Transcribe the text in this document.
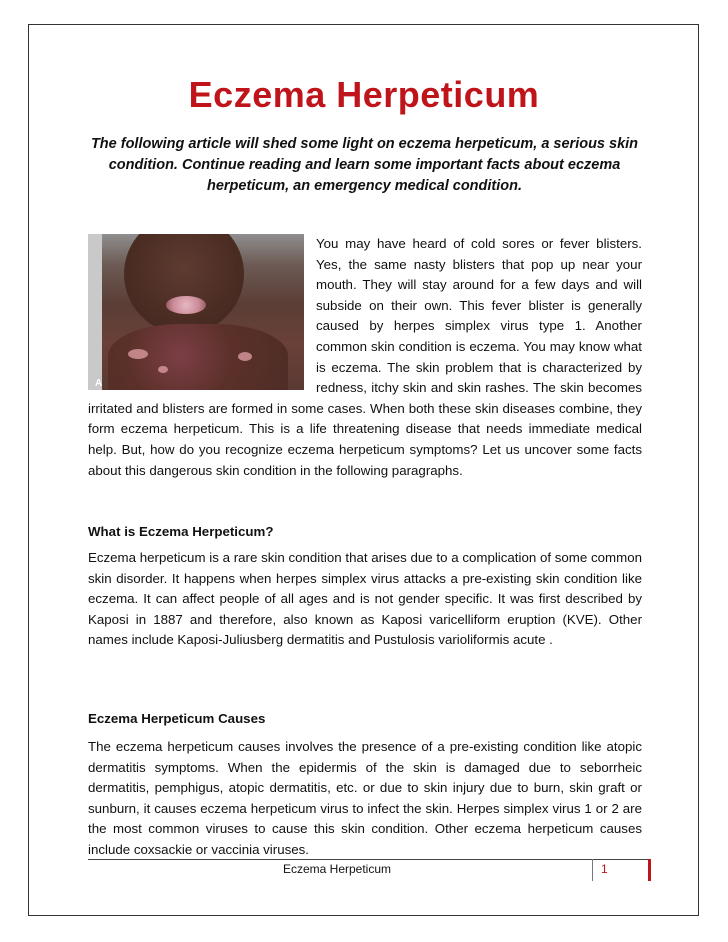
Eczema Herpeticum

The following article will shed some light on eczema herpeticum, a serious skin condition. Continue reading and learn some important facts about eczema herpeticum, an emergency medical condition.

A
You may have heard of cold sores or fever blisters. Yes, the same nasty blisters that pop up near your mouth. They will stay around for a few days and will subside on their own. This fever blister is generally caused by herpes simplex virus type 1. Another common skin condition is eczema. You may know what is eczema. The skin problem that is characterized by redness, itchy skin and skin rashes. The skin becomes irritated and blisters are formed in some cases. When both these skin diseases combine, they form eczema herpeticum. This is a life threatening disease that needs immediate medical help. But, how do you recognize eczema herpeticum symptoms? Let us uncover some facts about this dangerous skin condition in the following paragraphs.
What is Eczema Herpeticum?

Eczema herpeticum is a rare skin condition that arises due to a complication of some common skin disorder. It happens when herpes simplex virus attacks a pre-existing skin condition like eczema. It can affect people of all ages and is not gender specific. It was first described by Kaposi in 1887 and therefore, also known as Kaposi varicelliform eruption (KVE). Other names include Kaposi-Juliusberg dermatitis and Pustulosis varioliformis acute .

Eczema Herpeticum Causes

The eczema herpeticum causes involves the presence of a pre-existing condition like atopic dermatitis symptoms. When the epidermis of the skin is damaged due to seborrheic dermatitis, pemphigus, atopic dermatitis, etc. or due to skin injury due to burn, skin graft or sunburn, it causes eczema herpeticum virus to infect the skin. Herpes simplex virus 1 or 2 are the most common viruses to cause this skin condition. Other eczema herpeticum causes include coxsackie or vaccinia viruses.

Eczema Herpeticum	1
